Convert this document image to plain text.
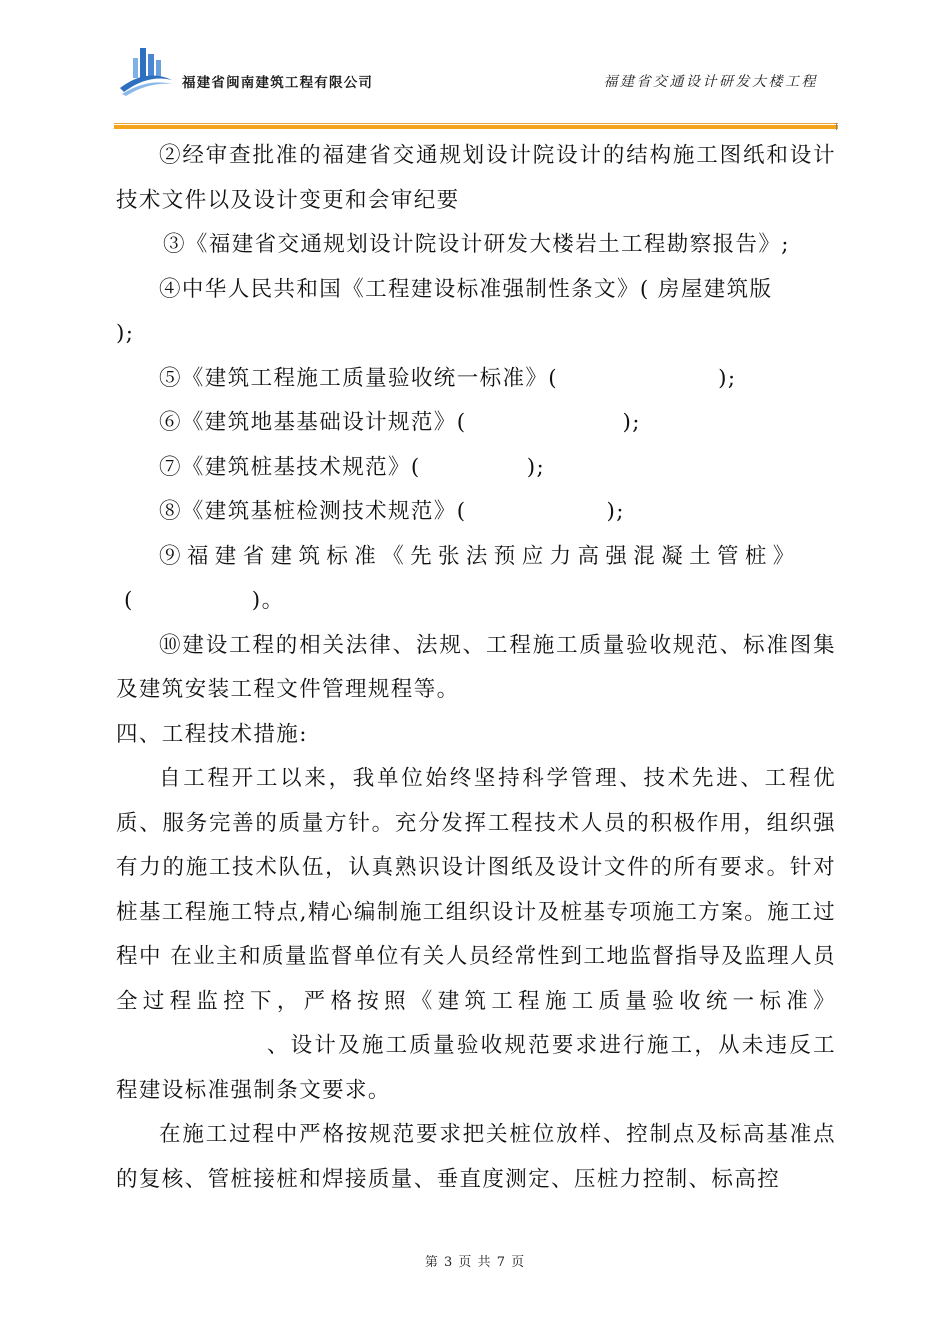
福建省闽南建筑工程有限公司	福建省交通设计研发大楼工程

②经审查批准的福建省交通规划设计院设计的结构施工图纸和设计技术文件以及设计变更和会审纪要

③《福建省交通规划设计院设计研发大楼岩土工程勘察报告》;

④中华人民共和国《工程建设标准强制性条文》( 房屋建筑版 );

⑤《建筑工程施工质量验收统一标准》(	);

⑥《建筑地基基础设计规范》(	);

⑦《建筑桩基技术规范》(	);

⑧《建筑基桩检测技术规范》(	);

⑨福建省建筑标准《先张法预应力高强混凝土管桩》

(	)。

⑩建设工程的相关法律、法规、工程施工质量验收规范、标准图集及建筑安装工程文件管理规程等。

四、工程技术措施:

自工程开工以来，我单位始终坚持科学管理、技术先进、工程优质、服务完善的质量方针。充分发挥工程技术人员的积极作用，组织强有力的施工技术队伍，认真熟识设计图纸及设计文件的所有要求。针对桩基工程施工特点,精心编制施工组织设计及桩基专项施工方案。施工过程中 在业主和质量监督单位有关人员经常性到工地监督指导及监理人员全过程监控下，严格按照《建筑工程施工质量验收统一标准》、设计及施工质量验收规范要求进行施工，从未违反工程建设标准强制条文要求。

在施工过程中严格按规范要求把关桩位放样、控制点及标高基准点的复核、管桩接桩和焊接质量、垂直度测定、压桩力控制、标高控

第 3 页 共 7 页
